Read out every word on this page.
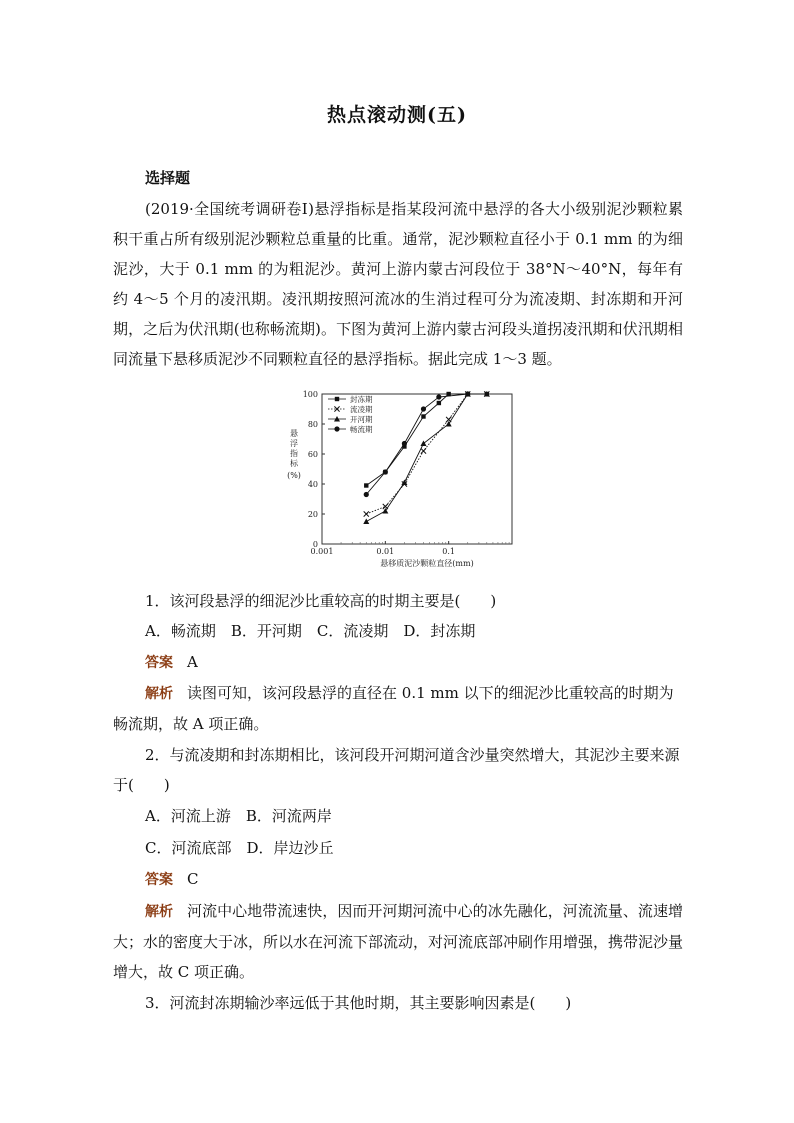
热点滚动测(五)
选择题
(2019·全国统考调研卷Ⅰ)悬浮指标是指某段河流中悬浮的各大小级别泥沙颗粒累积干重占所有级别泥沙颗粒总重量的比重。通常，泥沙颗粒直径小于 0.1 mm 的为细泥沙，大于 0.1 mm 的为粗泥沙。黄河上游内蒙古河段位于 38°N～40°N，每年有约 4～5 个月的凌汛期。凌汛期按照河流冰的生消过程可分为流凌期、封冻期和开河期，之后为伏汛期(也称畅流期)。下图为黄河上游内蒙古河段头道拐凌汛期和伏汛期相同流量下悬移质泥沙不同颗粒直径的悬浮指标。据此完成 1～3 题。
0
20
40
60
80
100
0.001	0.01	0.1
封冻期
流凌期
开河期
畅流期
悬浮指标(%)
悬移质泥沙颗粒直径(mm)
1．该河段悬浮的细泥沙比重较高的时期主要是(　　)
A．畅流期　B．开河期　C．流凌期　D．封冻期
答案 A
解析 读图可知，该河段悬浮的直径在 0.1 mm 以下的细泥沙比重较高的时期为畅流期，故 A 项正确。
2．与流凌期和封冻期相比，该河段开河期河道含沙量突然增大，其泥沙主要来源于(　　)
A．河流上游　B．河流两岸
C．河流底部　D．岸边沙丘
答案 C
解析 河流中心地带流速快，因而开河期河流中心的冰先融化，河流流量、流速增大；水的密度大于冰，所以水在河流下部流动，对河流底部冲刷作用增强，携带泥沙量增大，故 C 项正确。
3．河流封冻期输沙率远低于其他时期，其主要影响因素是(　　)
